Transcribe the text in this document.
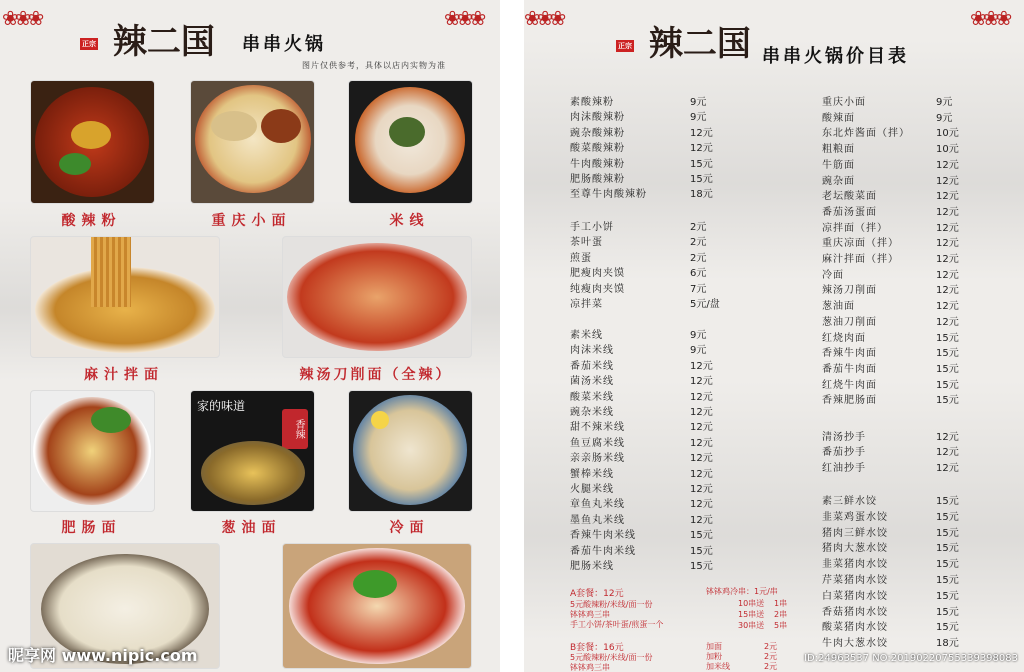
❀❀❀	❀❀❀
正宗 辣二国 串串火锅
图片仅供参考，具体以店内实物为准
酸辣粉	重庆小面	米线
麻汁拌面	辣汤刀削面（全辣）
家的味道
香辣
肥肠面	葱油面	冷面
昵享网 www.nipic.com
❀❀❀	❀❀❀
正宗 辣二国 串串火锅价目表
A套餐：12元
5元酸辣粉/米线/面一份
钵钵鸡三串
手工小饼/茶叶蛋/煎蛋一个
B套餐：16元
5元酸辣粉/米线/面一份
钵钵鸡三串
钵钵鸡冷串：1元/串
10串送 1串
15串送 2串
30串送 5串
加面	2元
加粉	2元
加米线	2元
ID:24963537 NO:20190220755339398083
素酸辣粉	9元
肉沫酸辣粉	9元
豌杂酸辣粉	12元
酸菜酸辣粉	12元
牛肉酸辣粉	15元
肥肠酸辣粉	15元
至尊牛肉酸辣粉	18元
手工小饼	2元
茶叶蛋	2元
煎蛋	2元
肥瘦肉夹馍	6元
纯瘦肉夹馍	7元
凉拌菜	5元/盘
素米线	9元
肉沫米线	9元
番茄米线	12元
菌汤米线	12元
酸菜米线	12元
豌杂米线	12元
甜不辣米线	12元
鱼豆腐米线	12元
亲亲肠米线	12元
蟹棒米线	12元
火腿米线	12元
章鱼丸米线	12元
墨鱼丸米线	12元
香辣牛肉米线	15元
番茄牛肉米线	15元
肥肠米线	15元
重庆小面	9元
酸辣面	9元
东北炸酱面（拌）	10元
粗粮面	10元
牛筋面	12元
豌杂面	12元
老坛酸菜面	12元
番茄汤蛋面	12元
凉拌面（拌）	12元
重庆凉面（拌）	12元
麻汁拌面（拌）	12元
冷面	12元
辣汤刀削面	12元
葱油面	12元
葱油刀削面	12元
红烧肉面	15元
香辣牛肉面	15元
番茄牛肉面	15元
红烧牛肉面	15元
香辣肥肠面	15元
清汤抄手	12元
番茄抄手	12元
红油抄手	12元
素三鲜水饺	15元
韭菜鸡蛋水饺	15元
猪肉三鲜水饺	15元
猪肉大葱水饺	15元
韭菜猪肉水饺	15元
芹菜猪肉水饺	15元
白菜猪肉水饺	15元
香菇猪肉水饺	15元
酸菜猪肉水饺	15元
牛肉大葱水饺	18元
